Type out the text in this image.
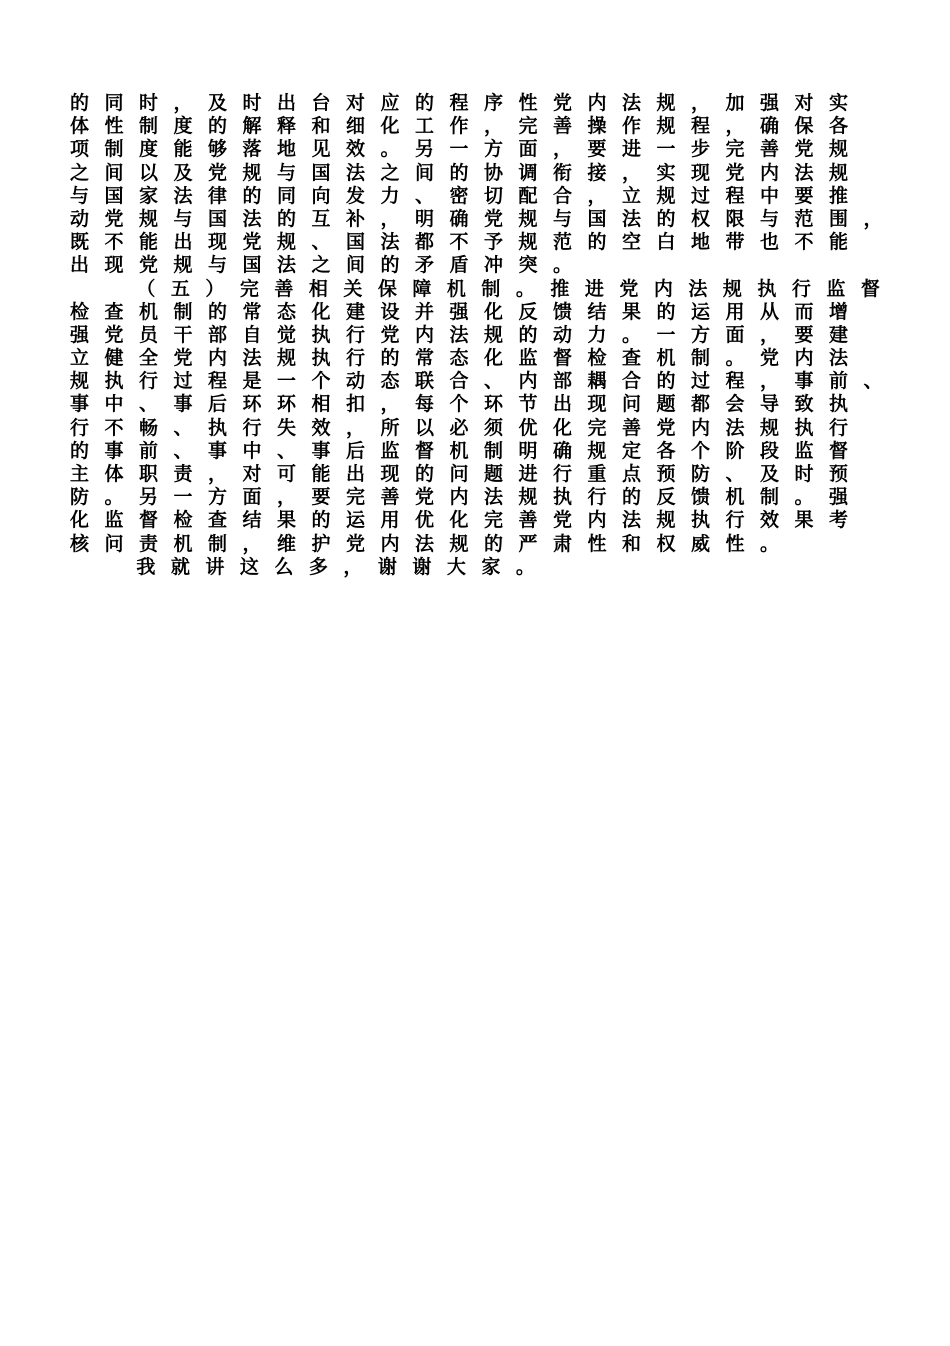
的同时，及时出台对应的程序性党内法规，加强对实
体性制度的解释和细化工作，完善操作规程，确保各
项制度能够落地见效。另一方面，要进一步完善党规
之间以及党规与国法之间的协调衔接，实现党内法规
与国家法律的同向发力、密切配合，立规过程中要推
动党规与国法的互补，明确党规与国法的权限与范围，
既不能出现党规、国法都不予规范的空白地带也不能
出现党规与国法之间的矛盾冲突。
（五）完善相关保障机制。推进党内法规执行监督
检查机制的常态化建设并强化反馈结果的运用从而增
强党员干部自觉执行党内法规的动力。一方面，要建
立健全党内法规执行的常态化监督检查机制。党内法
规执行过程是一个动态联合、内部耦合的过程，事前、
事中、事后环环相扣，每个环节出现问题都会导致执
行不畅、执行失效，所以必须优化完善党内法规执行
的事前、事中、事后监督机制明确规定各个阶段监督
主体职责，对可能出现的问题进行重点预防、及时预
防。另一方面，要完善党内法规执行的反馈机制。强
化监督检查结果的运用优化完善党内法规执行效果考
核问责机制，维护党内法规的严肃性和权威性。
我就讲这么多，谢谢大家。
